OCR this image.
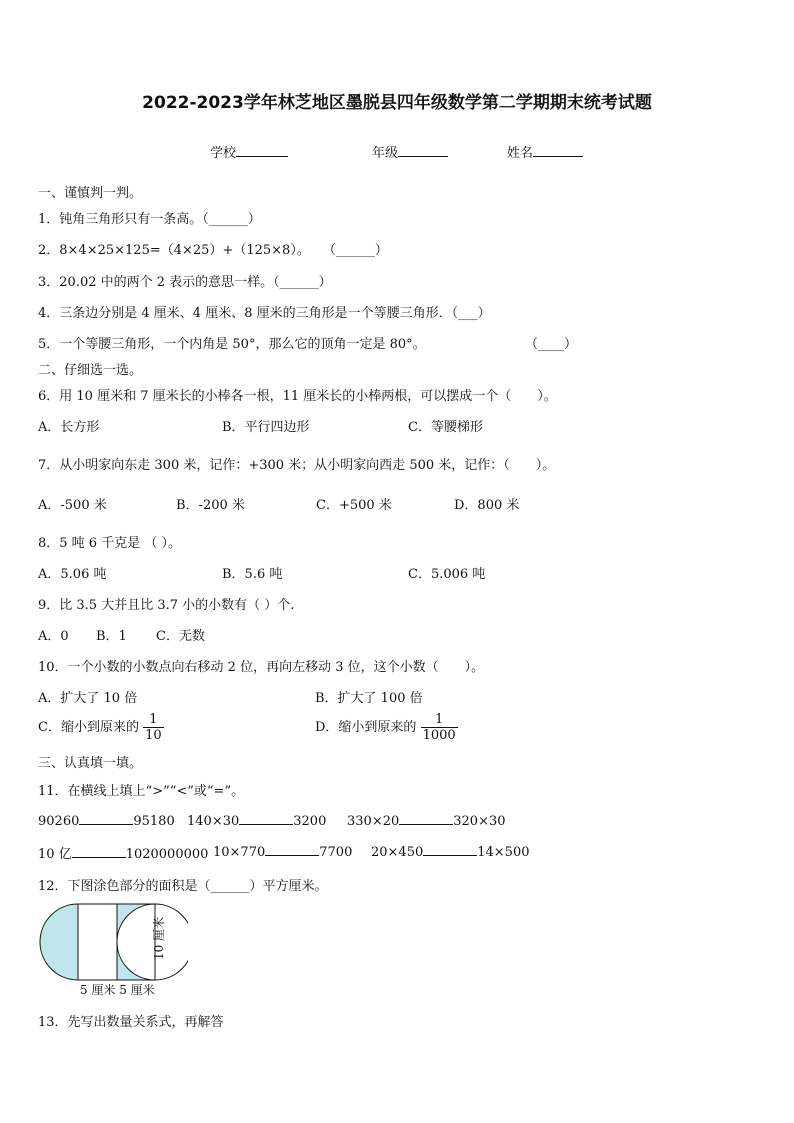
2022-2023学年林芝地区墨脱县四年级数学第二学期期末统考试题
学校	年级	姓名
一、谨慎判一判。
1．钝角三角形只有一条高。（______）
2．8×4×25×125=（4×25）+（125×8）。　　（______）
3．20.02 中的两个 2 表示的意思一样。（______）
4．三条边分别是 4 厘米、4 厘米、8 厘米的三角形是一个等腰三角形．（___）
5．一个等腰三角形，一个内角是 50°，那么它的顶角一定是 80°。	（____）
二、仔细选一选。
6．用 10 厘米和 7 厘米长的小棒各一根，11 厘米长的小棒两根，可以摆成一个（　　）。
A．长方形	B．平行四边形	C．等腰梯形
7．从小明家向东走 300 米，记作：+300 米；从小明家向西走 500 米，记作：（　　）。
A．-500 米	B．-200 米	C．+500 米	D．800 米
8．5 吨 6 千克是 （ ）。
A．5.06 吨	B．5.6 吨	C．5.006 吨
9．比 3.5 大并且比 3.7 小的小数有（ ）个.
A．0 B．1 C．无数
10．一个小数的小数点向右移动 2 位，再向左移动 3 位，这个小数（　　）。
A．扩大了 10 倍	B．扩大了 100 倍
C．缩小到原来的 $\frac{1}{10}$	D．缩小到原来的 $\frac{1}{1000}$
三、认真填一填。
11．在横线上填上“>”“<”或“=”。
90260	95180 140×30	3200 330×20	320×30
10 亿	1020000000 10×770	7700 20×450	14×500
12．下图涂色部分的面积是（______）平方厘米。
5 厘米 5 厘米
10 厘米
13．先写出数量关系式，再解答
